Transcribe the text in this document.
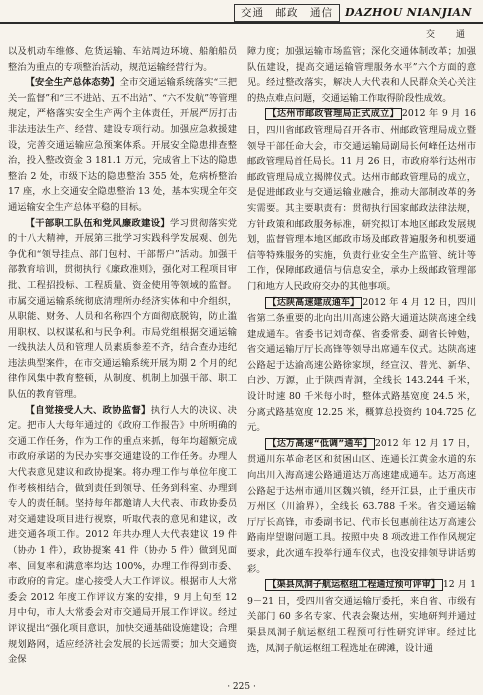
交通　邮政　通信	DAZHOU NIANJIAN
交　通

以及机动车维修、危货运输、车站周边环境、船舶船员整治为重点的专项整治活动，规范运输经营行为。

【安全生产总体态势】全市交通运输系统落实“三把关一监督”和“三不进站、五不出站”、“六不发航”等管理规定，严格落实安全生产两个主体责任，开展严厉打击非法违法生产、经营、建设专项行动。加强应急救援建设，完善交通运输应急预案体系。开展安全隐患排查整治，投入整改资金 3 181.1 万元，完成省上下达的隐患整治 2 处，市级下达的隐患整治 355 处，危病桥整治 17 座，水上交通安全隐患整治 13 处，基本实现全年交通运输安全生产总体平稳的目标。

【干部职工队伍和党风廉政建设】学习贯彻落实党的十八大精神，开展第三批学习实践科学发展观、创先争优和“领导挂点、部门包村、干部帮户”活动。加强干部教育培训，贯彻执行《廉政准则》，强化对工程项目审批、工程招投标、工程质量、资金使用等领域的监督。市属交通运输系统彻底清理所办经济实体和中介组织，从职能、财务、人员和名称四个方面彻底脱钩，防止滥用职权、以权谋私和与民争利。市局党组根据交通运输一线执法人员和管理人员素质参差不齐，结合查办违纪违法典型案件，在市交通运输系统开展为期 2 个月的纪律作风集中教育整顿，从制度、机制上加强干部、职工队伍的教育管理。

【自觉接受人大、政协监督】执行人大的决议、决定。把市人大每年通过的《政府工作报告》中所明确的交通工作任务，作为工作的重点来抓，每年均超额完成市政府承诺的为民办实事交通建设的工作任务。办理人大代表意见建议和政协提案。将办理工作与单位年度工作考核相结合，做到责任到领导、任务到科室、办理到专人的责任制。坚持每年都邀请人大代表、市政协委员对交通建设项目进行视察，听取代表的意见和建议，改进交通各项工作。2012 年共办理人大代表建议 19 件（协办 1 件），政协提案 41 件（协办 5 件）做到见面率、回复率和满意率均达 100%，办理工作得到市委、市政府的肯定。虚心接受人大工作评议。根据市人大常委会 2012 年度工作评议方案的安排，9 月上旬至 12 月中旬，市人大常委会对市交通局开展工作评议。经过评议提出“强化项目意识，加快交通基础设施建设；合理规划路网，适应经济社会发展的长远需要；加大交通资金保

障力度；加强运输市场监管；深化交通体制改革；加强队伍建设，提高交通运输管理服务水平”六个方面的意见。经过整改落实，解决人大代表和人民群众关心关注的热点难点问题，交通运输工作取得阶段性成效。

【达州市邮政管理局正式成立】 2012 年 9 月 16 日，四川省邮政管理局召开各市、州邮政管理局成立暨领导干部任命大会，市交通运输局副局长何峰任达州市邮政管理局首任局长。11 月 26 日，市政府举行达州市邮政管理局成立揭牌仪式。达州市邮政管理局的成立，是促进邮政业与交通运输业融合，推动大部制改革的务实需要。其主要职责有：贯彻执行国家邮政法律法规，方针政策和邮政服务标准，研究拟订本地区邮政发展规划，监督管理本地区邮政市场及邮政普遍服务和机要通信等特殊服务的实施，负责行业安全生产监管、统计等工作，保障邮政通信与信息安全，承办上级邮政管理部门和地方人民政府交办的其他事项。

【达陕高速建成通车】 2012 年 4 月 12 日，四川省第二条重要的北向出川高速公路大通道达陕高速全线建成通车。省委书记刘奇葆、省委常委、副省长钟勉，省交通运输厅厅长高锋等领导出席通车仪式。达陕高速公路起于达渝高速公路徐家坝，经宣汉、普光、新华、白沙、万源，止于陕西青洞，全线长 143.244 千米，设计时速 80 千米每小时，整体式路基宽度 24.5 米，分离式路基宽度 12.25 米，概算总投资约 104.725 亿元。

【达万高速“低调”通车】 2012 年 12 月 17 日，贯通川东革命老区和贫困山区、连通长江黄金水道的东向出川入海高速公路通道达万高速建成通车。达万高速公路起于达州市通川区魏兴镇，经开江县，止于重庆市万州区（川渝界），全线长 63.788 千米。省交通运输厅厅长高锋，市委副书记、代市长包惠前往达万高速公路南岸望谢问题工具。按照中央 8 项改进工作作风规定要求，此次通车投举行通车仪式，也没安排领导讲话剪彩。

【渠县凤洞子航运枢纽工程通过预可评审】 12 月 19－21 日，受四川省交通运输厅委托，来自省、市级有关部门 60 多名专家、代表会聚达州，实地研判并通过渠县凤洞子航运枢纽工程预可行性研究评审。经过比选，凤洞子航运枢纽工程选址在碑滩，设计通

· 225 ·
